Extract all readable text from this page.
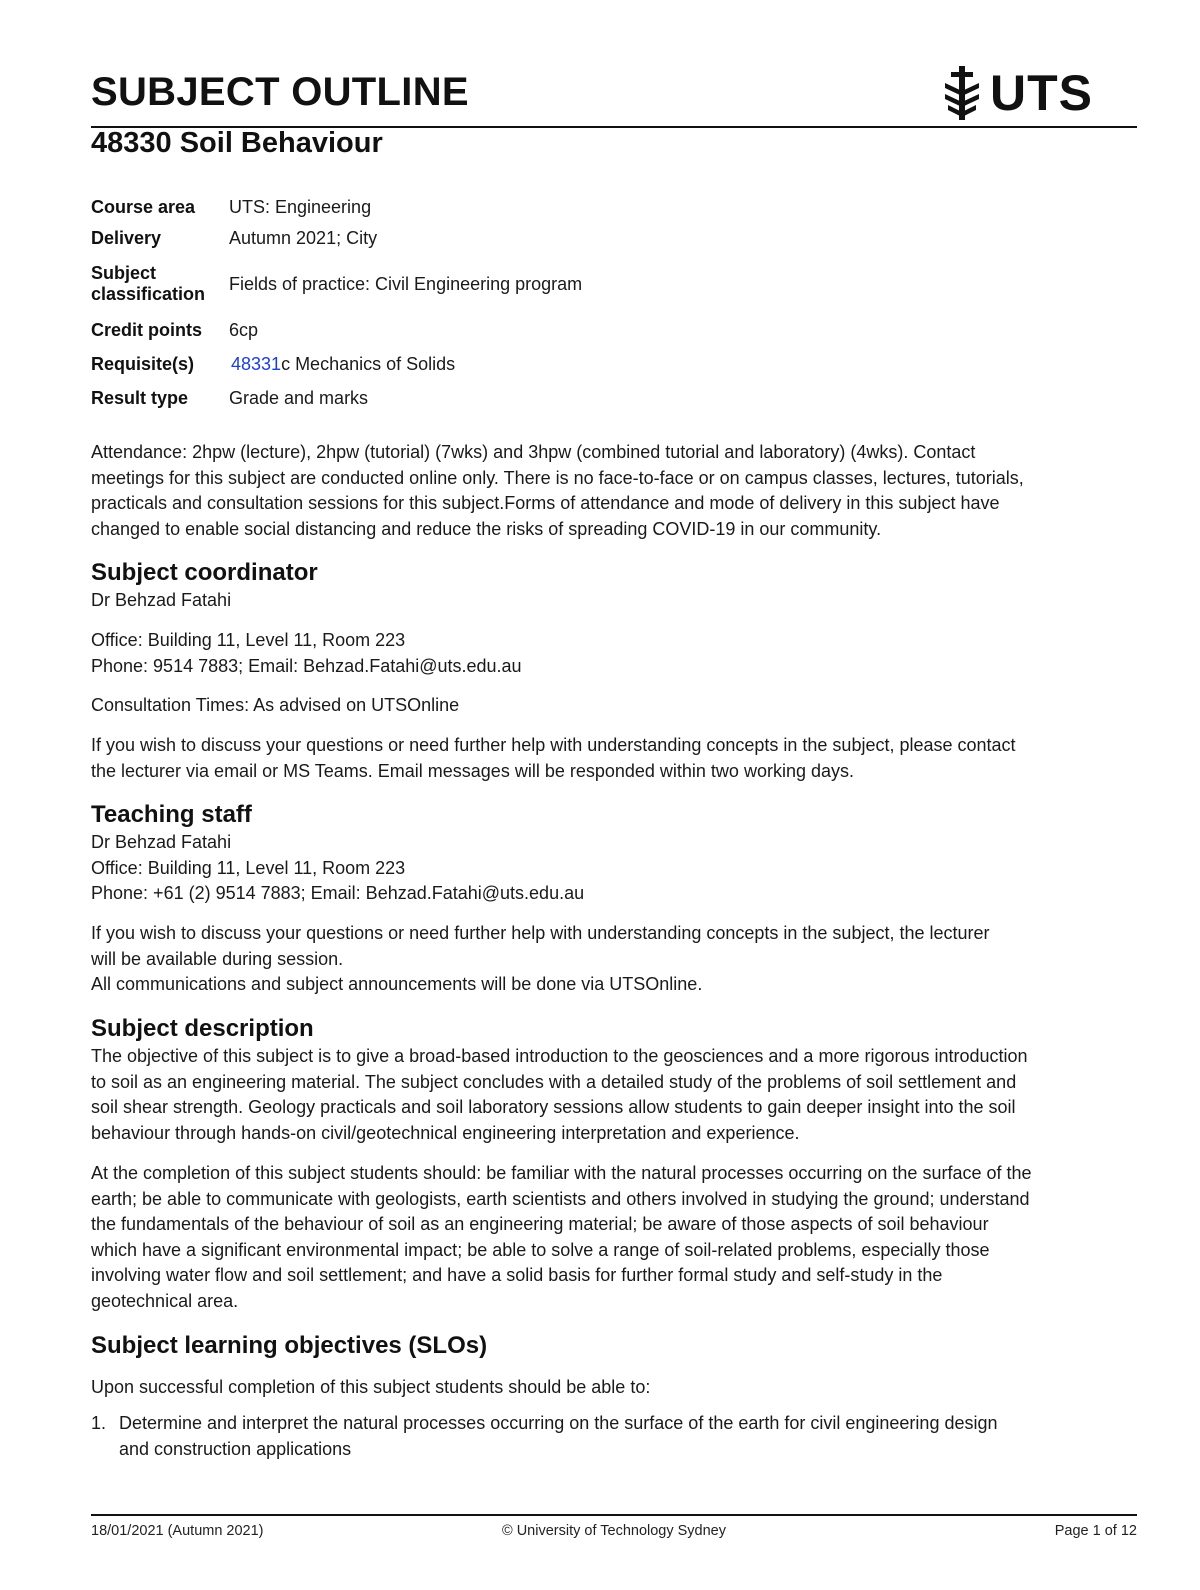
SUBJECT OUTLINE	UTS
48330 Soil Behaviour
Course area	UTS: Engineering
Delivery	Autumn 2021; City
Subject
classification	Fields of practice: Civil Engineering program
Credit points	6cp
Requisite(s)	48331c Mechanics of Solids
Result type	Grade and marks

Attendance: 2hpw (lecture), 2hpw (tutorial) (7wks) and 3hpw (combined tutorial and laboratory) (4wks). Contact
meetings for this subject are conducted online only. There is no face-to-face or on campus classes, lectures, tutorials,
practicals and consultation sessions for this subject.Forms of attendance and mode of delivery in this subject have
changed to enable social distancing and reduce the risks of spreading COVID-19 in our community.

Subject coordinator

Dr Behzad Fatahi

Office: Building 11, Level 11, Room 223
Phone: 9514 7883; Email: Behzad.Fatahi@uts.edu.au

Consultation Times: As advised on UTSOnline

If you wish to discuss your questions or need further help with understanding concepts in the subject, please contact
the lecturer via email or MS Teams. Email messages will be responded within two working days.

Teaching staff

Dr Behzad Fatahi
Office: Building 11, Level 11, Room 223
Phone: +61 (2) 9514 7883; Email: Behzad.Fatahi@uts.edu.au

If you wish to discuss your questions or need further help with understanding concepts in the subject, the lecturer
will be available during session.
All communications and subject announcements will be done via UTSOnline.

Subject description

The objective of this subject is to give a broad-based introduction to the geosciences and a more rigorous introduction
to soil as an engineering material. The subject concludes with a detailed study of the problems of soil settlement and
soil shear strength. Geology practicals and soil laboratory sessions allow students to gain deeper insight into the soil
behaviour through hands-on civil/geotechnical engineering interpretation and experience.

At the completion of this subject students should: be familiar with the natural processes occurring on the surface of the
earth; be able to communicate with geologists, earth scientists and others involved in studying the ground; understand
the fundamentals of the behaviour of soil as an engineering material; be aware of those aspects of soil behaviour
which have a significant environmental impact; be able to solve a range of soil-related problems, especially those
involving water flow and soil settlement; and have a solid basis for further formal study and self-study in the
geotechnical area.

Subject learning objectives (SLOs)

Upon successful completion of this subject students should be able to:

1. Determine and interpret the natural processes occurring on the surface of the earth for civil engineering design
and construction applications

18/01/2021 (Autumn 2021)	© University of Technology Sydney	Page 1 of 12
